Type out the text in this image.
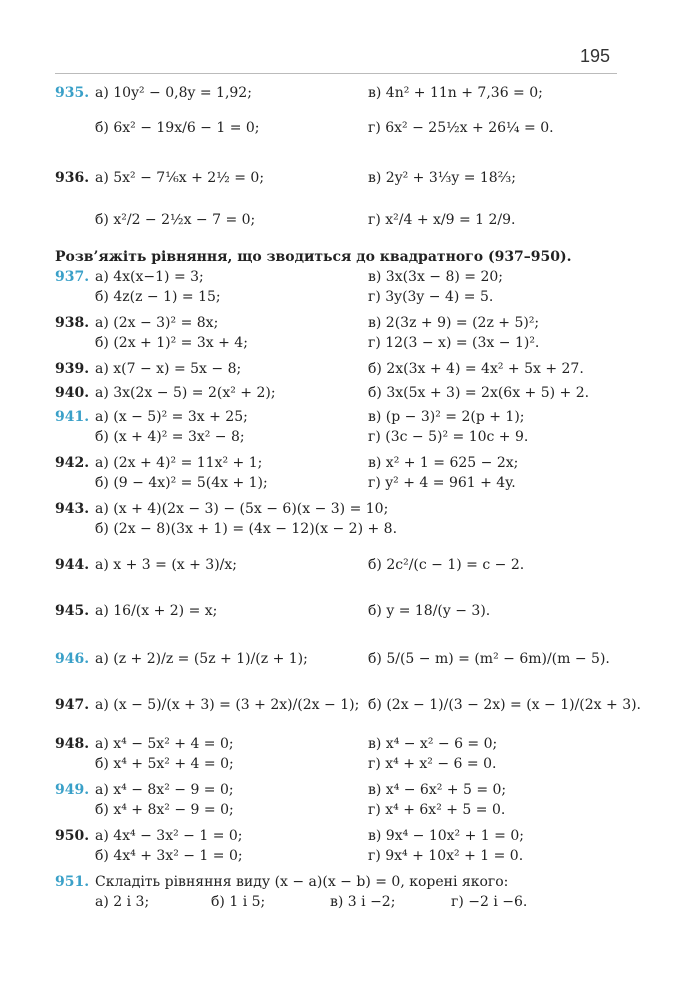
195
935. а) 10y² − 0,8y = 1,92;	в) 4n² + 11n + 7,36 = 0;
б) 6x² − 19x/6 − 1 = 0;	г) 6x² − 25½x + 26¼ = 0.
936. а) 5x² − 7⅙x + 2½ = 0;	в) 2y² + 3⅓y = 18⅔;
б) x²/2 − 2½x − 7 = 0;	г) x²/4 + x/9 = 1 2/9.
Розв’яжіть рівняння, що зводиться до квадратного (937–950).
937. а) 4x(x−1) = 3;	в) 3x(3x − 8) = 20;
б) 4z(z − 1) = 15;	г) 3y(3y − 4) = 5.
938. а) (2x − 3)² = 8x;	в) 2(3z + 9) = (2z + 5)²;
б) (2x + 1)² = 3x + 4;	г) 12(3 − x) = (3x − 1)².
939. а) x(7 − x) = 5x − 8;	б) 2x(3x + 4) = 4x² + 5x + 27.
940. а) 3x(2x − 5) = 2(x² + 2);	б) 3x(5x + 3) = 2x(6x + 5) + 2.
941. а) (x − 5)² = 3x + 25;	в) (p − 3)² = 2(p + 1);
б) (x + 4)² = 3x² − 8;	г) (3c − 5)² = 10c + 9.
942. а) (2x + 4)² = 11x² + 1;	в) x² + 1 = 625 − 2x;
б) (9 − 4x)² = 5(4x + 1);	г) y² + 4 = 961 + 4y.
943. а) (x + 4)(2x − 3) − (5x − 6)(x − 3) = 10;
б) (2x − 8)(3x + 1) = (4x − 12)(x − 2) + 8.
944. а) x + 3 = (x + 3)/x;	б) 2c²/(c − 1) = c − 2.
945. а) 16/(x + 2) = x;	б) y = 18/(y − 3).
946. а) (z + 2)/z = (5z + 1)/(z + 1);	б) 5/(5 − m) = (m² − 6m)/(m − 5).
947. а) (x − 5)/(x + 3) = (3 + 2x)/(2x − 1); б) (2x − 1)/(3 − 2x) = (x − 1)/(2x + 3).
948. а) x⁴ − 5x² + 4 = 0;	в) x⁴ − x² − 6 = 0;
б) x⁴ + 5x² + 4 = 0;	г) x⁴ + x² − 6 = 0.
949. а) x⁴ − 8x² − 9 = 0;	в) x⁴ − 6x² + 5 = 0;
б) x⁴ + 8x² − 9 = 0;	г) x⁴ + 6x² + 5 = 0.
950. а) 4x⁴ − 3x² − 1 = 0;	в) 9x⁴ − 10x² + 1 = 0;
б) 4x⁴ + 3x² − 1 = 0;	г) 9x⁴ + 10x² + 1 = 0.
951. Складіть рівняння виду (x − a)(x − b) = 0, корені якого:
а) 2 і 3;	б) 1 і 5;	в) 3 і −2;	г) −2 і −6.
